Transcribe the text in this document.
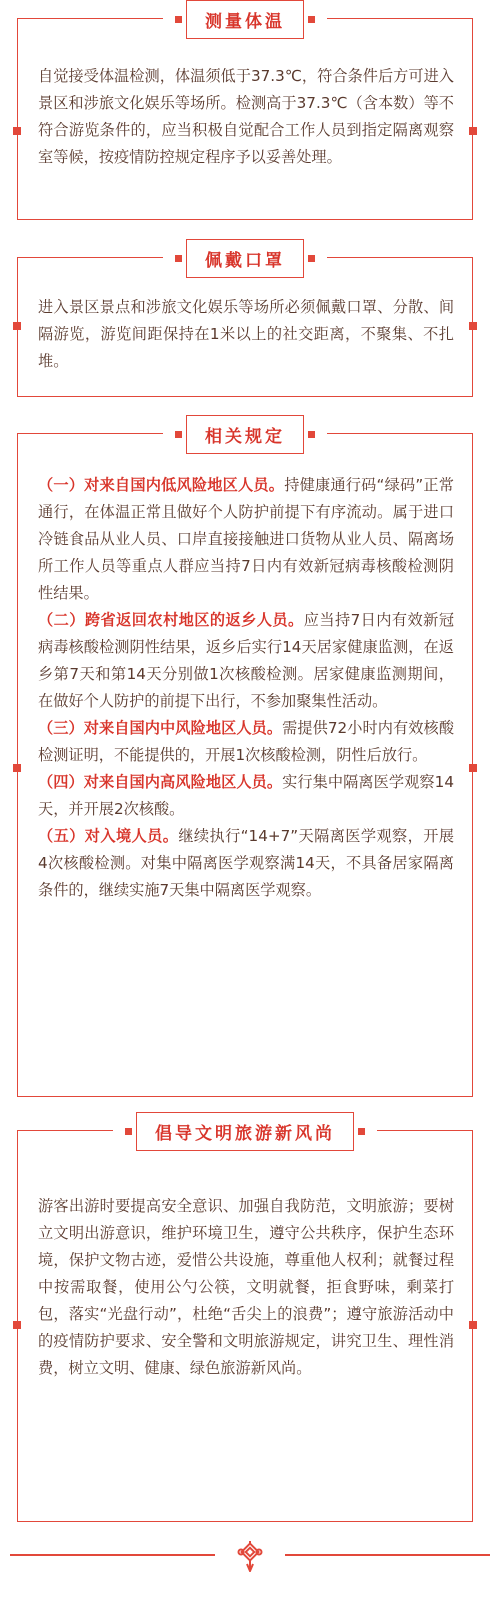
测量体温

自觉接受体温检测，体温须低于37.3℃，符合条件后方可进入景区和涉旅文化娱乐等场所。检测高于37.3℃（含本数）等不符合游览条件的，应当积极自觉配合工作人员到指定隔离观察室等候，按疫情防控规定程序予以妥善处理。

佩戴口罩

进入景区景点和涉旅文化娱乐等场所必须佩戴口罩、分散、间隔游览，游览间距保持在1米以上的社交距离，不聚集、不扎堆。

相关规定

（一）对来自国内低风险地区人员。持健康通行码“绿码”正常通行，在体温正常且做好个人防护前提下有序流动。属于进口冷链食品从业人员、口岸直接接触进口货物从业人员、隔离场所工作人员等重点人群应当持7日内有效新冠病毒核酸检测阴性结果。

（二）跨省返回农村地区的返乡人员。应当持7日内有效新冠病毒核酸检测阴性结果，返乡后实行14天居家健康监测，在返乡第7天和第14天分别做1次核酸检测。居家健康监测期间，在做好个人防护的前提下出行，不参加聚集性活动。

（三）对来自国内中风险地区人员。需提供72小时内有效核酸检测证明，不能提供的，开展1次核酸检测，阴性后放行。

（四）对来自国内高风险地区人员。实行集中隔离医学观察14天，并开展2次核酸。

（五）对入境人员。继续执行“14+7”天隔离医学观察，开展4次核酸检测。对集中隔离医学观察满14天，不具备居家隔离条件的，继续实施7天集中隔离医学观察。

倡导文明旅游新风尚

游客出游时要提高安全意识、加强自我防范，文明旅游；要树立文明出游意识，维护环境卫生，遵守公共秩序，保护生态环境，保护文物古迹，爱惜公共设施，尊重他人权利；就餐过程中按需取餐，使用公勺公筷，文明就餐，拒食野味，剩菜打包，落实“光盘行动”，杜绝“舌尖上的浪费”；遵守旅游活动中的疫情防护要求、安全警和文明旅游规定，讲究卫生、理性消费，树立文明、健康、绿色旅游新风尚。
